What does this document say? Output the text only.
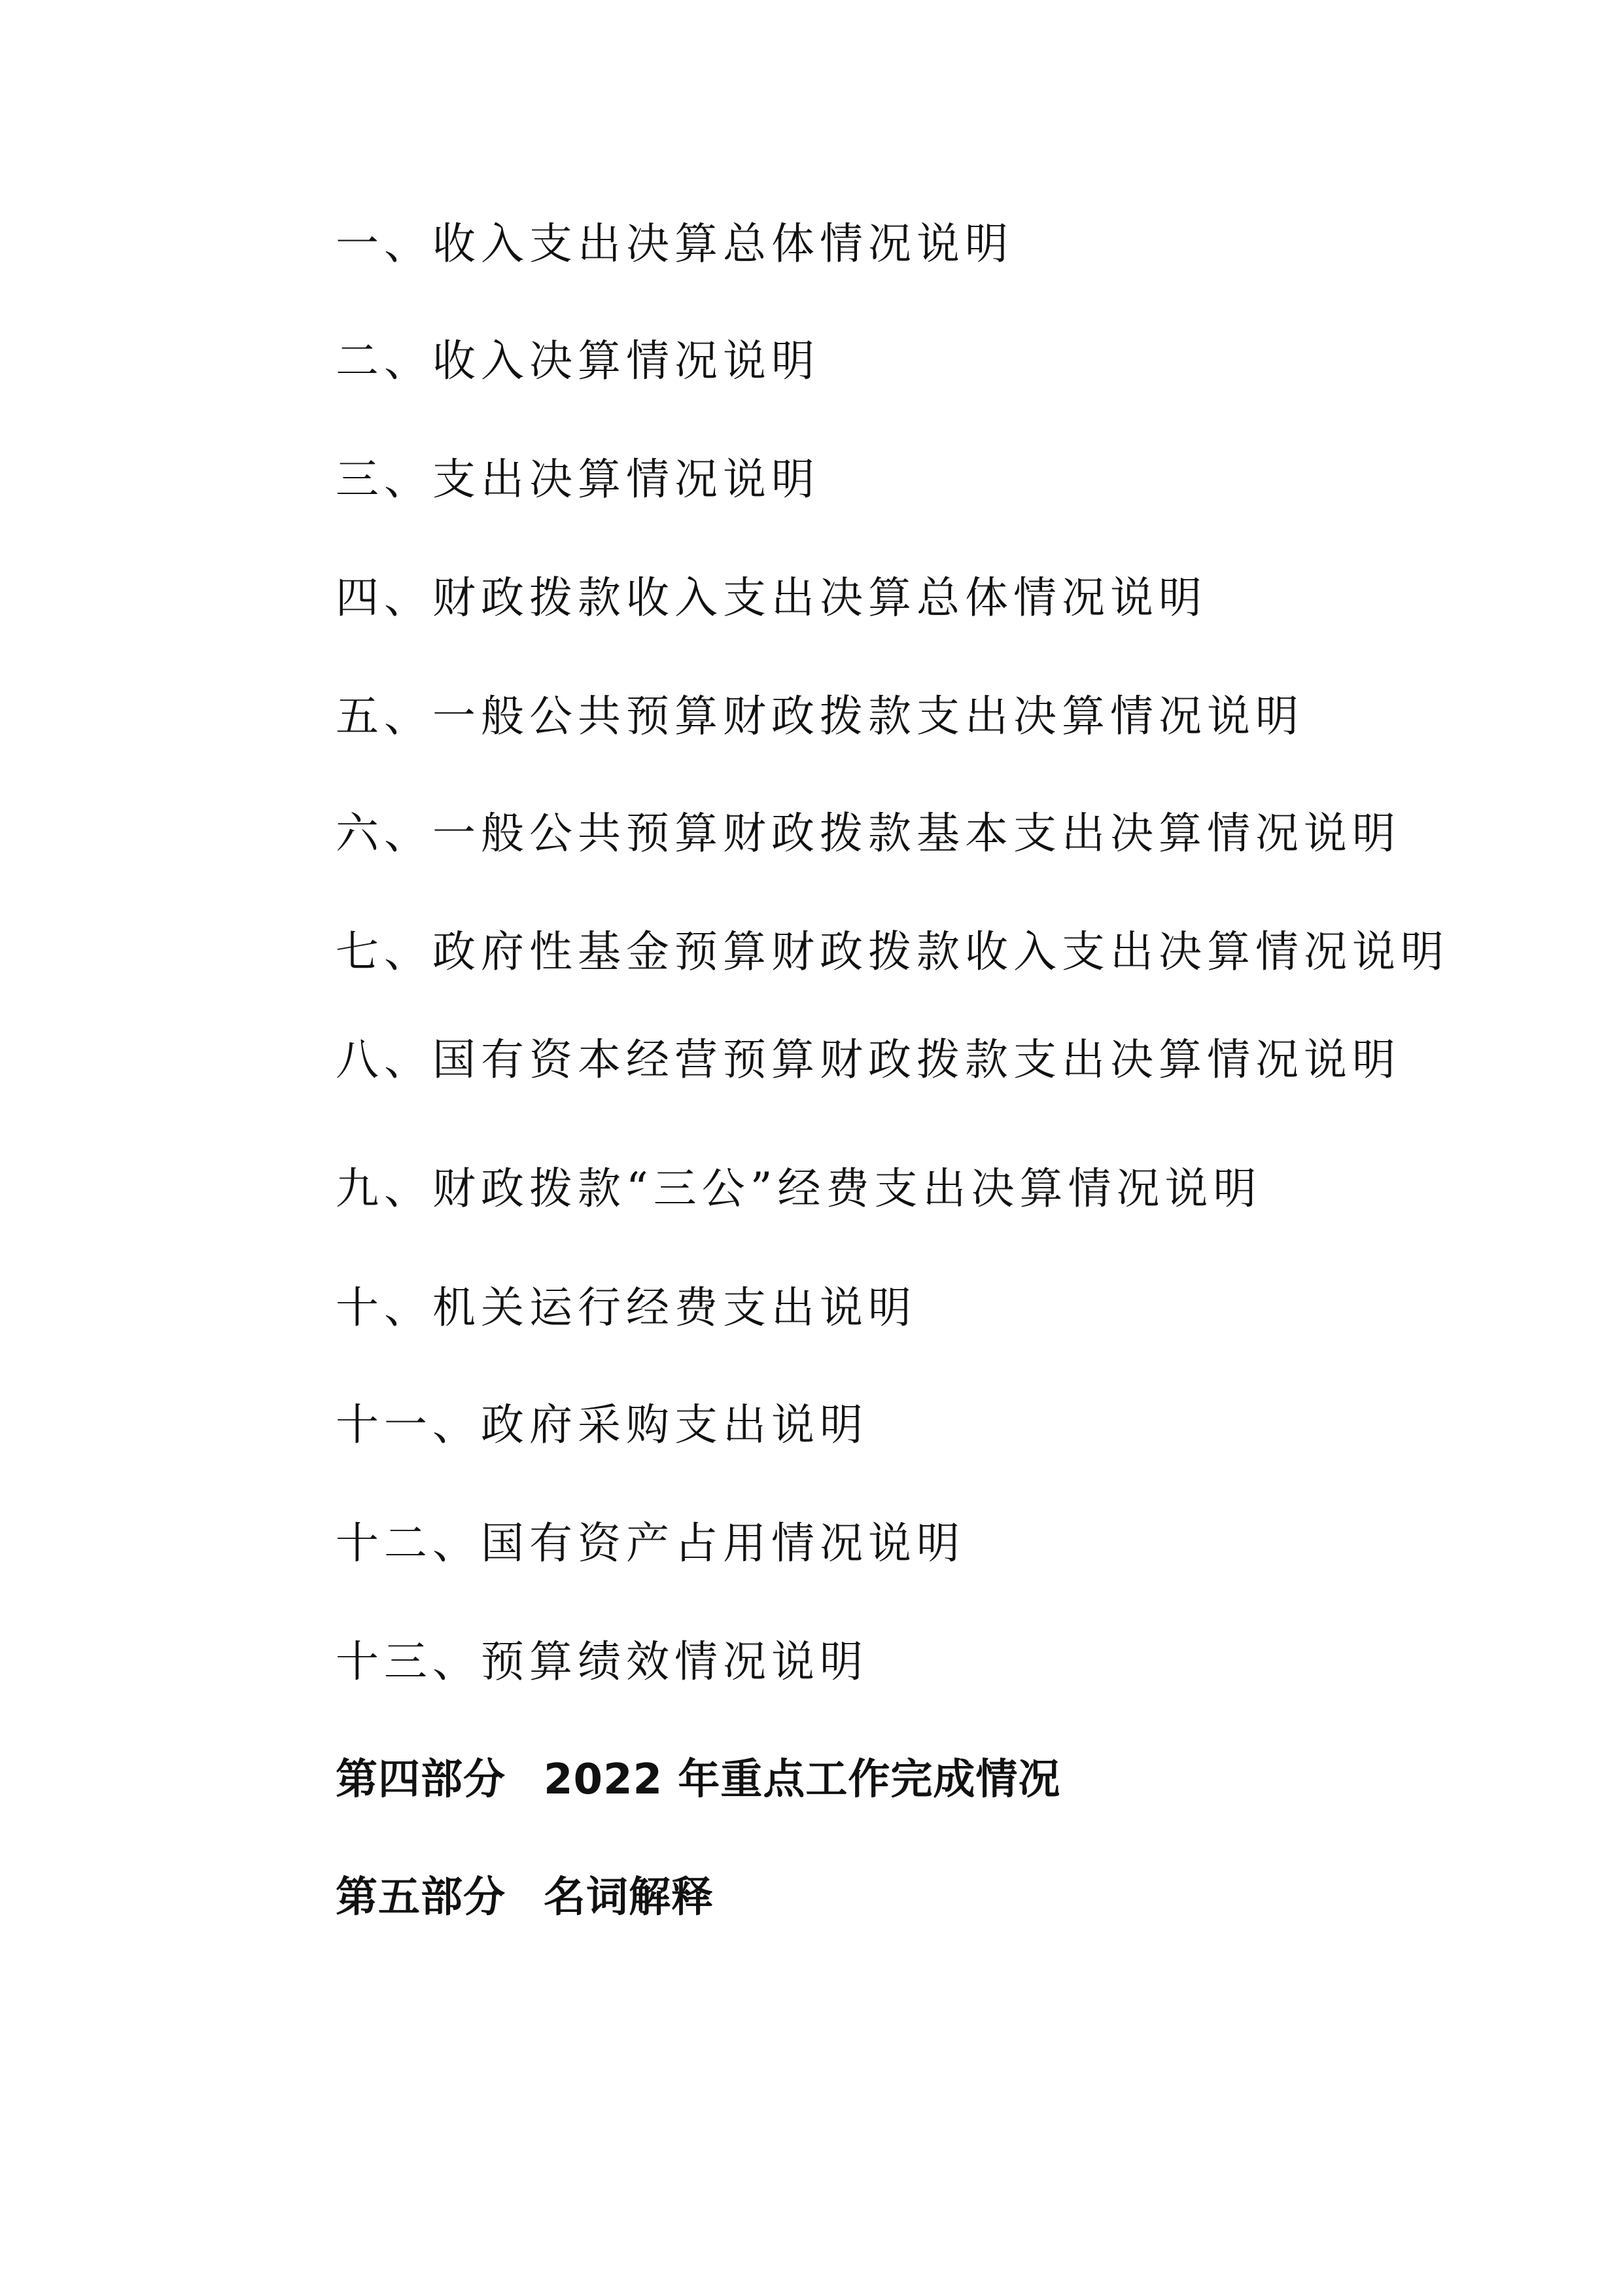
一、收入支出决算总体情况说明
二、收入决算情况说明
三、支出决算情况说明
四、财政拨款收入支出决算总体情况说明
五、一般公共预算财政拨款支出决算情况说明
六、一般公共预算财政拨款基本支出决算情况说明
七、政府性基金预算财政拨款收入支出决算情况说明
八、国有资本经营预算财政拨款支出决算情况说明
九、财政拨款“三公”经费支出决算情况说明
十、机关运行经费支出说明
十一、政府采购支出说明
十二、国有资产占用情况说明
十三、预算绩效情况说明
第四部分 2022 年重点工作完成情况
第五部分 名词解释
